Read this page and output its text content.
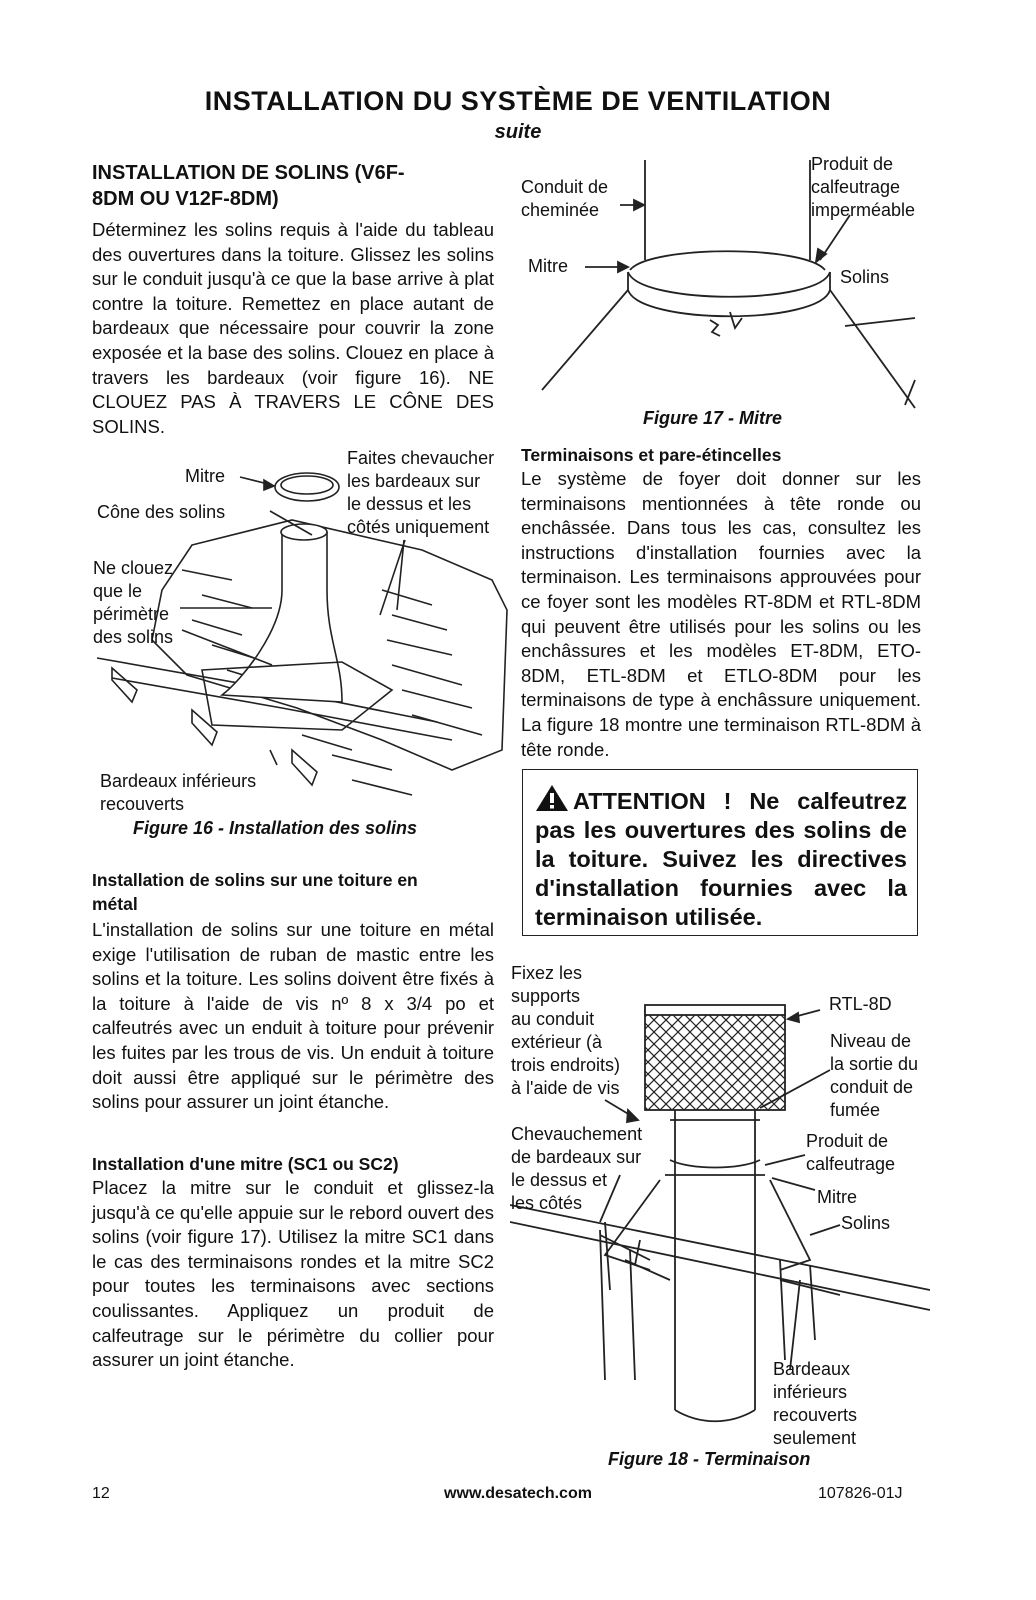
INSTALLATION DU SYSTÈME DE VENTILATION
suite
INSTALLATION DE SOLINS (V6F-
8DM OU V12F-8DM)
Déterminez les solins requis à l'aide du tableau des ouvertures dans la toiture. Glissez les solins sur le conduit jusqu'à ce que la base arrive à plat contre la toiture. Remettez en place autant de bardeaux que nécessaire pour couvrir la zone exposée et la base des solins. Clouez en place à travers les bardeaux (voir figure 16). NE CLOUEZ PAS À TRAVERS LE CÔNE DES SOLINS.
Mitre
Cône des solins
Ne clouez
que le
périmètre
des solins
Faites chevaucher
les bardeaux sur
le dessus et les
côtés uniquement
Bardeaux inférieurs
recouverts
Figure 16 - Installation des solins
Installation de solins sur une toiture en
métal
L'installation de solins sur une toiture en métal exige l'utilisation de ruban de mastic entre les solins et la toiture. Les solins doivent être fixés à la toiture à l'aide de vis nº 8 x 3/4 po et calfeutrés avec un enduit à toiture pour prévenir les fuites par les trous de vis. Un enduit à toiture doit aussi être appliqué sur le périmètre des solins pour assurer un joint étanche.
Installation d'une mitre (SC1 ou SC2)
Placez la mitre sur le conduit et glissez-la jusqu'à ce qu'elle appuie sur le rebord ouvert des solins (voir figure 17). Utilisez la mitre SC1 dans le cas des terminaisons rondes et la mitre SC2 pour toutes les terminaisons avec sections coulissantes. Appliquez un produit de calfeutrage sur le périmètre du collier pour assurer un joint étanche.
Conduit de
cheminée
Produit de
calfeutrage
imperméable
Mitre
Solins
Figure 17 - Mitre
Terminaisons et pare-étincelles
Le système de foyer doit donner sur les terminaisons mentionnées à tête ronde ou enchâssée. Dans tous les cas, consultez les instructions d'installation fournies avec la terminaison. Les terminaisons approuvées pour ce foyer sont les modèles RT-8DM et RTL-8DM qui peuvent être utilisés pour les solins ou les enchâssures et les modèles ET-8DM, ETO-8DM, ETL-8DM et ETLO-8DM pour les terminaisons de type à enchâssure uniquement. La figure 18 montre une terminaison RTL-8DM à tête ronde.
ATTENTION ! Ne calfeutrez pas les ouvertures des solins de la toiture. Suivez les directives d'installation fournies avec la terminaison utilisée.
Fixez les
supports
au conduit
extérieur (à
trois endroits)
à l'aide de vis
Chevauchement
de bardeaux sur
le dessus et
les côtés
RTL-8D
Niveau de
la sortie du
conduit de
fumée
Produit de
calfeutrage
Mitre
Solins
Bardeaux
inférieurs
recouverts
seulement
Figure 18 - Terminaison
12	www.desatech.com	107826-01J
